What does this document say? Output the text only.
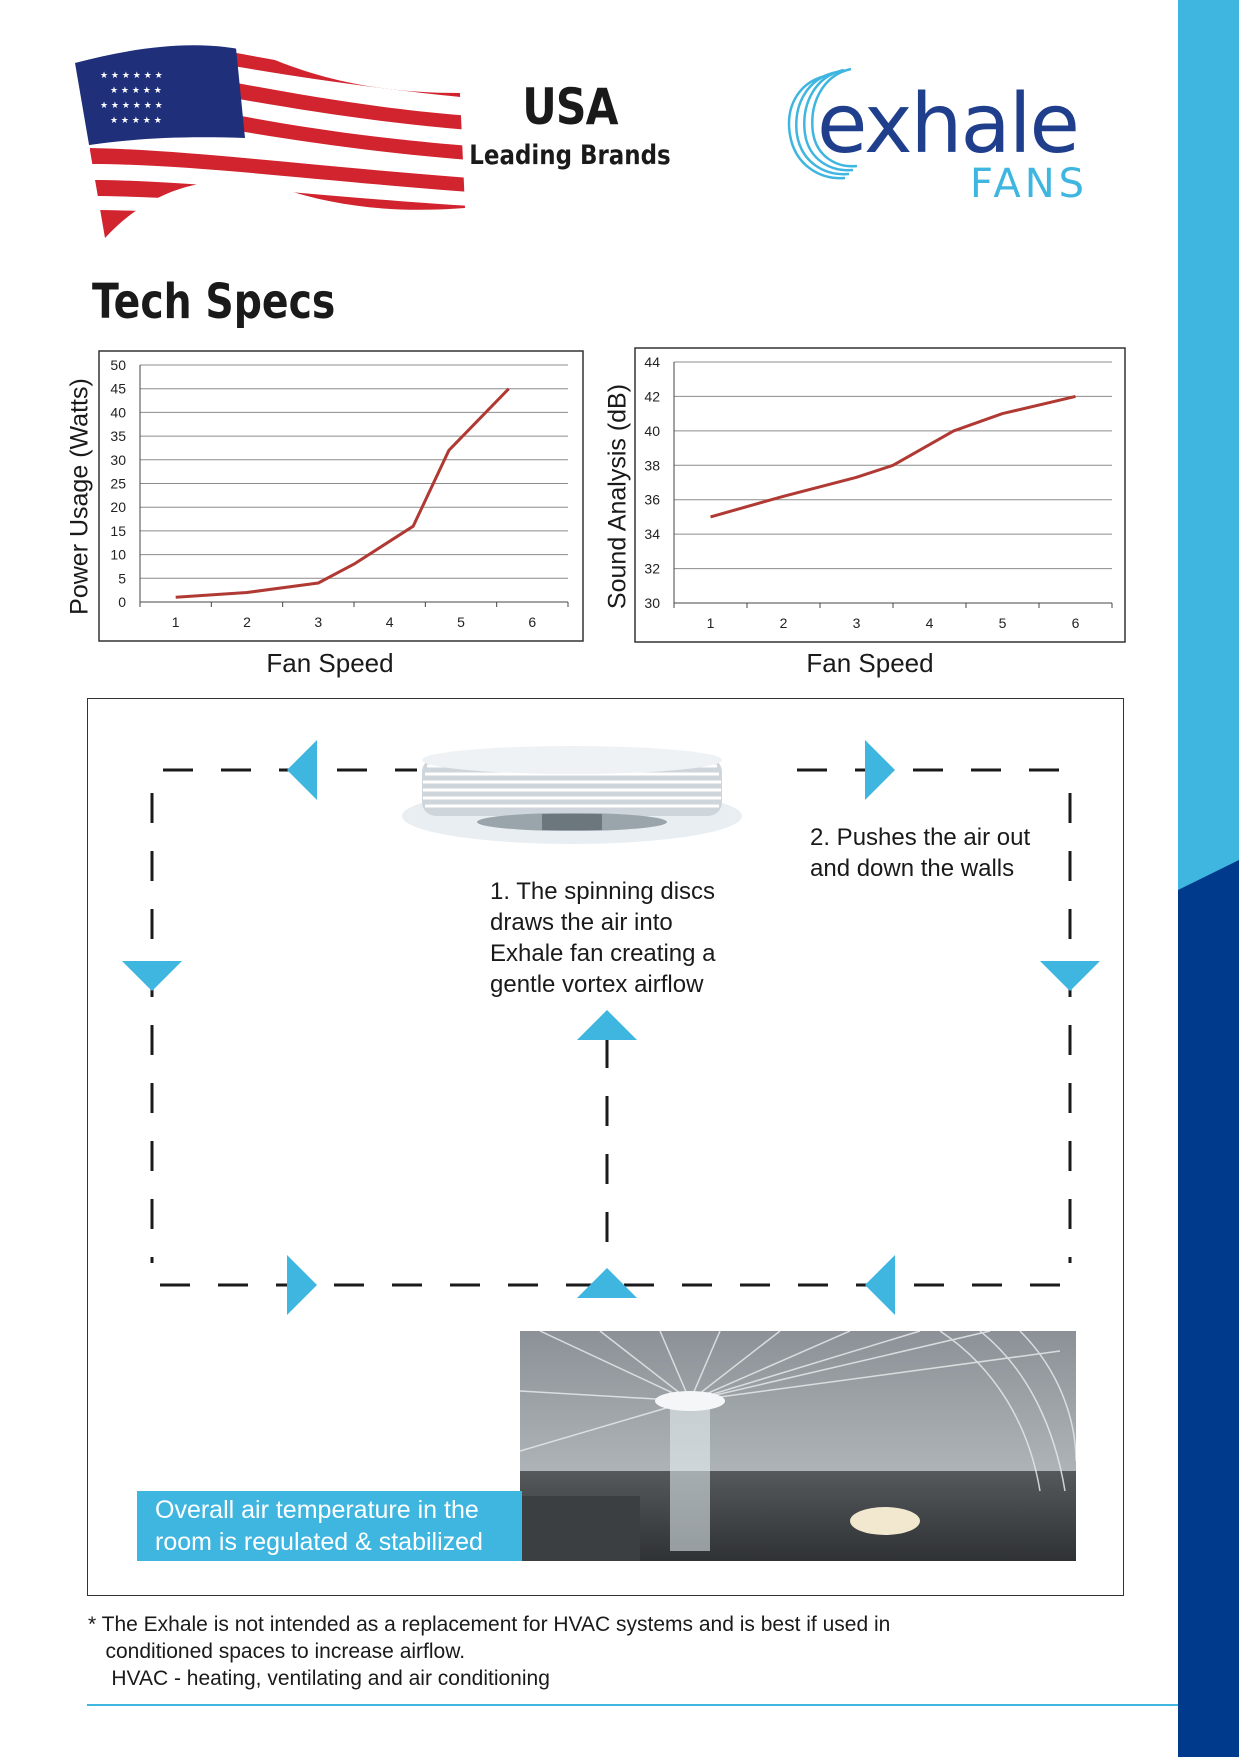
★ ★ ★ ★ ★ ★
★ ★ ★ ★ ★
★ ★ ★ ★ ★ ★
★ ★ ★ ★ ★	USA
Leading Brands exhale
FANS
Tech Specs
0
5
10
15
20
25
30
35
40
45
50
1	2	3	4	5	6
Power Usage (Watts)
Fan Speed
30
32
34
36
38
40
42
44
1	2	3	4	5	6
Sound Analysis (dB)
Fan Speed
1. The spinning discs
draws the air into
Exhale fan creating a
gentle vortex airflow
2. Pushes the air out
and down the walls
Overall air temperature in the
room is regulated & stabilized
* The Exhale is not intended as a replacement for HVAC systems and is best if used in
conditioned spaces to increase airflow.
HVAC - heating, ventilating and air conditioning
